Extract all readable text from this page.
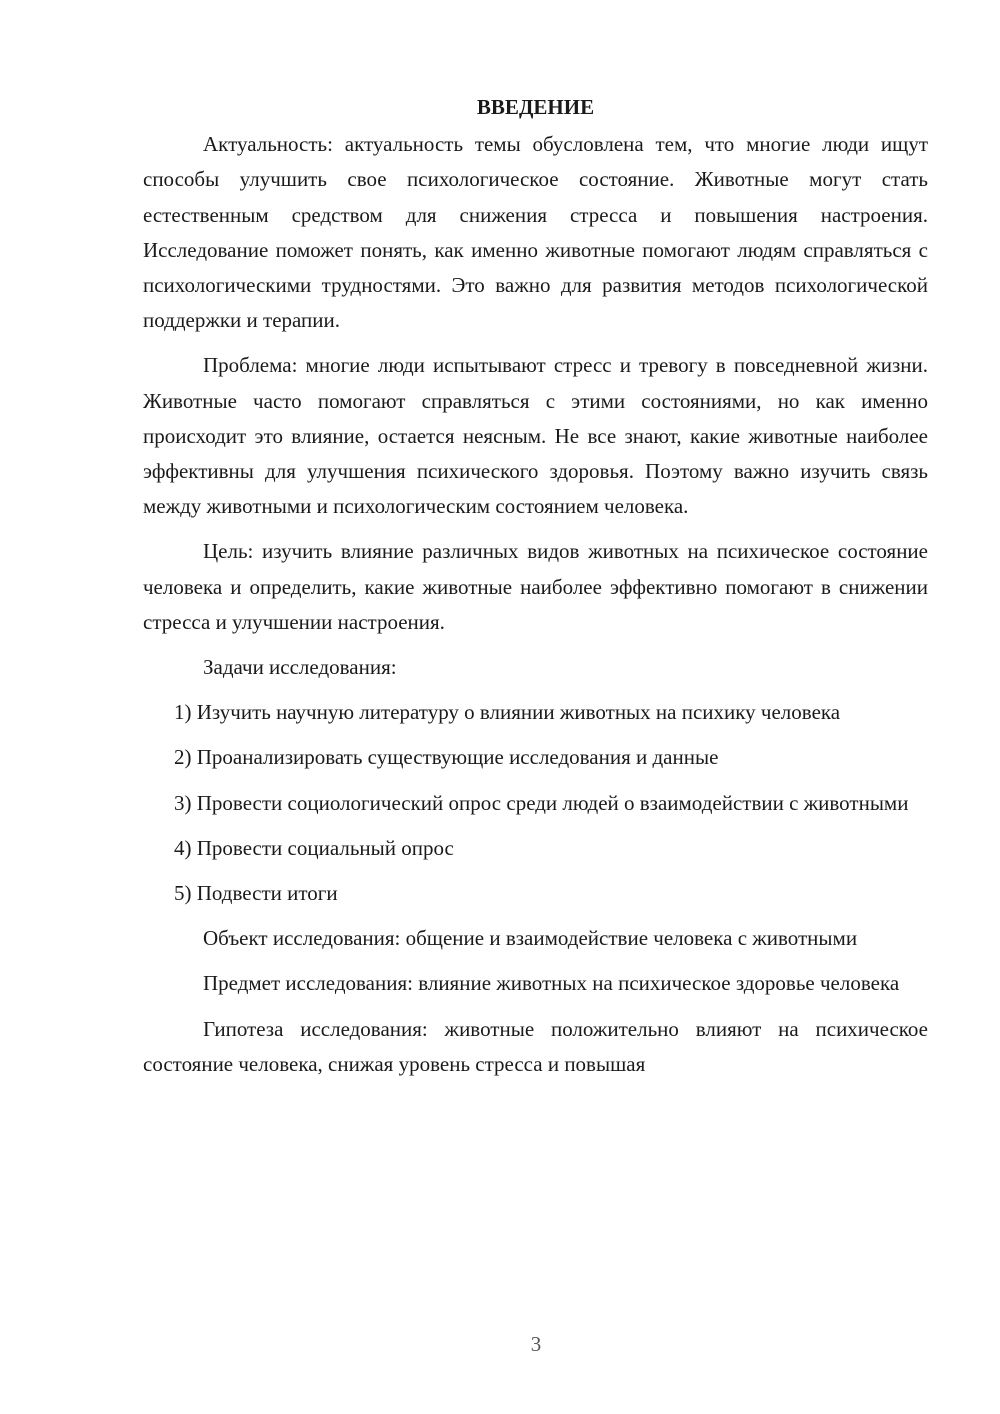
ВВЕДЕНИЕ

Актуальность: актуальность темы обусловлена тем, что многие люди ищут способы улучшить свое психологическое состояние. Животные могут стать естественным средством для снижения стресса и повышения настроения. Исследование поможет понять, как именно животные помогают людям справляться с психологическими трудностями. Это важно для развития методов психологической поддержки и терапии.

Проблема: многие люди испытывают стресс и тревогу в повседневной жизни. Животные часто помогают справляться с этими состояниями, но как именно происходит это влияние, остается неясным. Не все знают, какие животные наиболее эффективны для улучшения психического здоровья. Поэтому важно изучить связь между животными и психологическим состоянием человека.

Цель: изучить влияние различных видов животных на психическое состояние человека и определить, какие животные наиболее эффективно помогают в снижении стресса и улучшении настроения.

Задачи исследования:

1) Изучить научную литературу о влиянии животных на психику человека

2) Проанализировать существующие исследования и данные

3) Провести социологический опрос среди людей о взаимодействии с животными

4) Провести социальный опрос

5) Подвести итоги

Объект исследования: общение и взаимодействие человека с животными

Предмет исследования: влияние животных на психическое здоровье человека

Гипотеза исследования: животные положительно влияют на психическое состояние человека, снижая уровень стресса и повышая

3
